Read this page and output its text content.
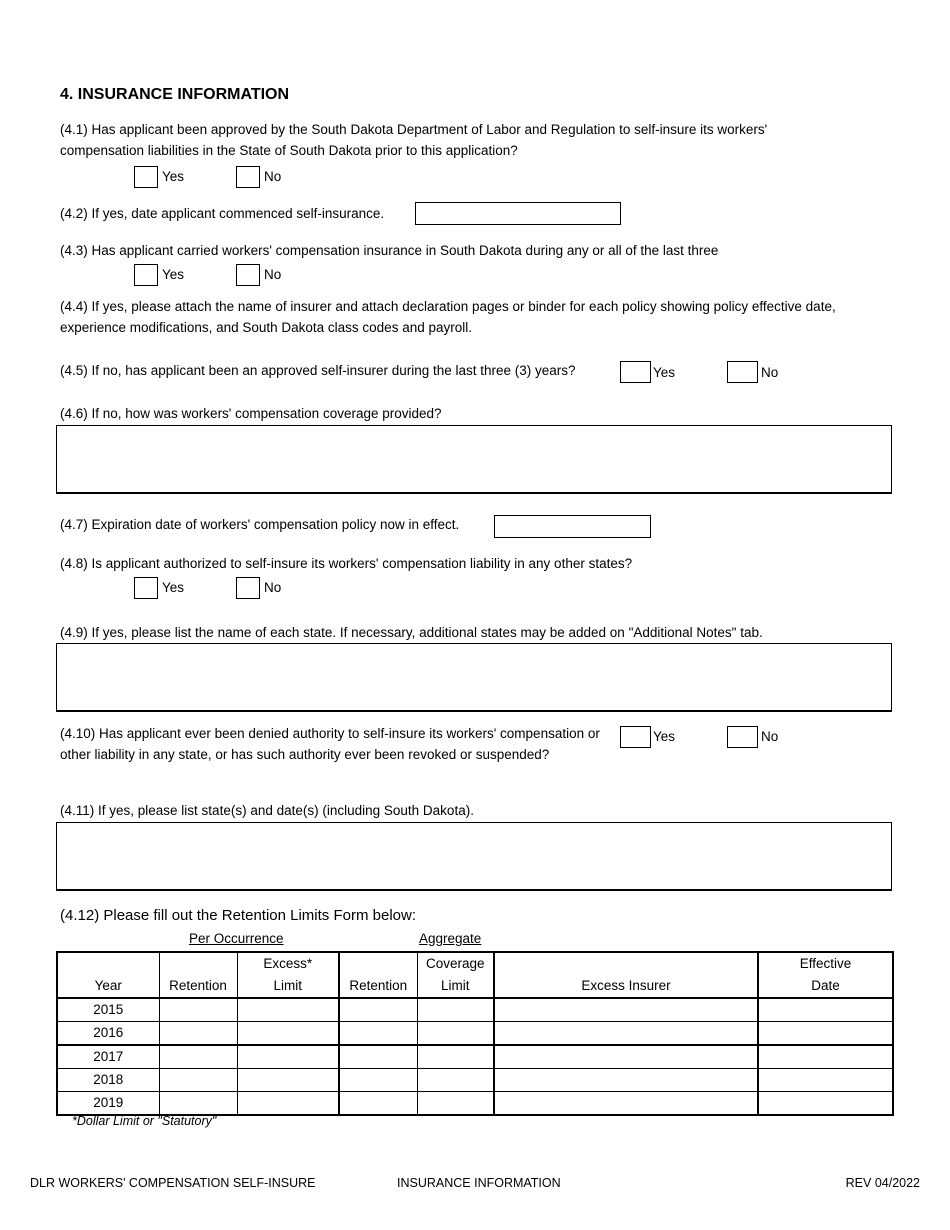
4. INSURANCE INFORMATION
(4.1) Has applicant been approved by the South Dakota Department of Labor and Regulation to self-insure its workers' compensation liabilities in the State of South Dakota prior to this application?
Yes	No
(4.2) If yes, date applicant commenced self-insurance.
(4.3) Has applicant carried workers' compensation insurance in South Dakota during any or all of the last three
Yes	No
(4.4) If yes, please attach the name of insurer and attach declaration pages or binder for each policy showing policy effective date, experience modifications, and South Dakota class codes and payroll.
(4.5) If no, has applicant been an approved self-insurer during the last three (3) years?	Yes	No
(4.6) If no, how was workers' compensation coverage provided?
(4.7) Expiration date of workers' compensation policy now in effect.
(4.8) Is applicant authorized to self-insure its workers' compensation liability in any other states?
Yes	No
(4.9) If yes, please list the name of each state. If necessary, additional states may be added on "Additional Notes" tab.
(4.10) Has applicant ever been denied authority to self-insure its workers' compensation or other liability in any state, or has such authority ever been revoked or suspended?
Yes	No
(4.11) If yes, please list state(s) and date(s) (including South Dakota).
(4.12) Please fill out the Retention Limits Form below:
Per Occurrence	Aggregate
		Excess*		Coverage		Effective
Year	Retention	Limit	Retention	Limit	Excess Insurer	Date
2015						
2016						
2017						
2018						
2019						
*Dollar Limit or "Statutory"
DLR WORKERS' COMPENSATION SELF-INSURE	INSURANCE INFORMATION	REV 04/2022
